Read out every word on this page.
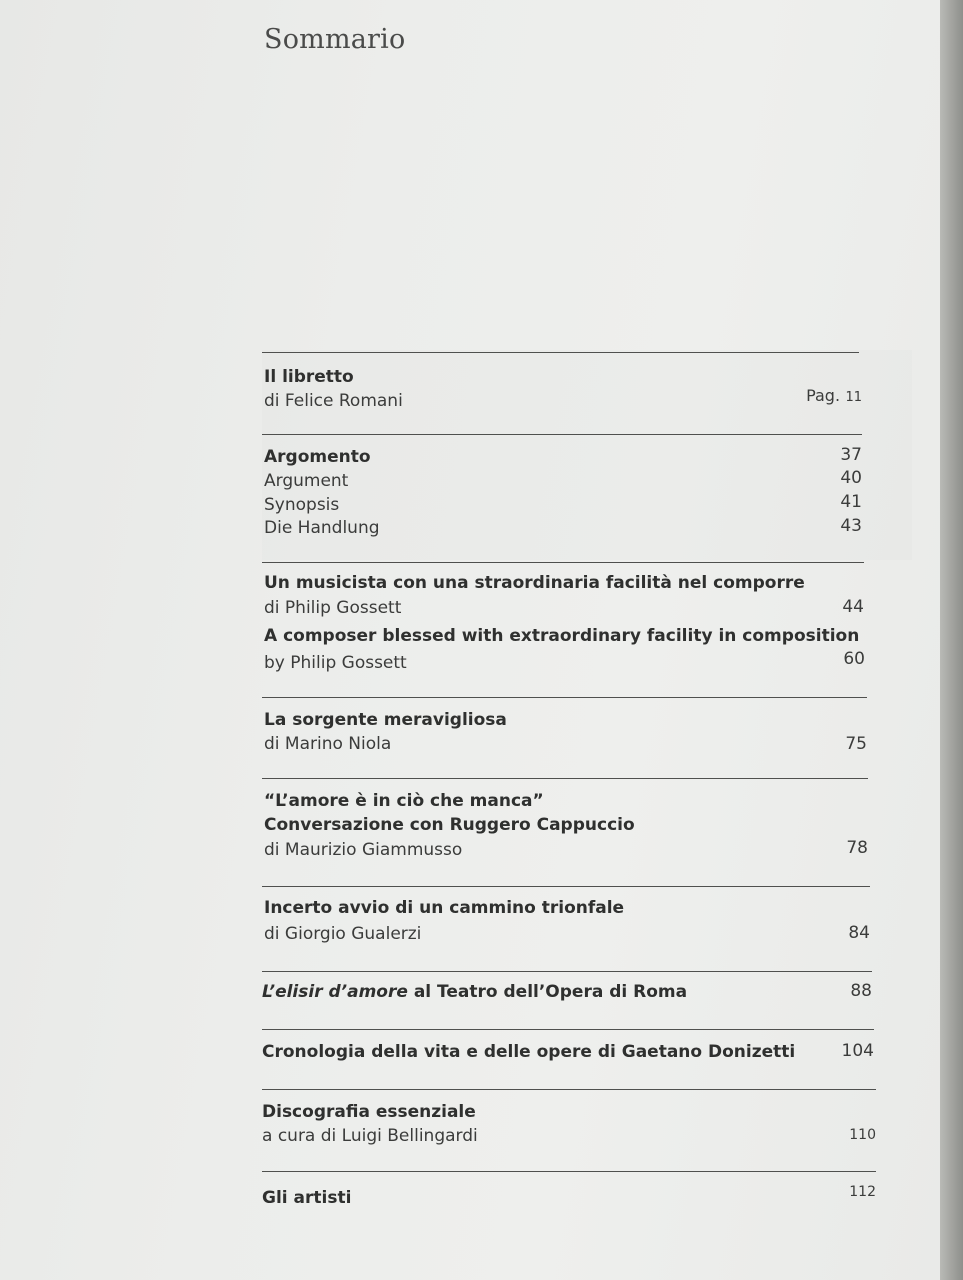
Sommario

Il libretto

di Felice Romani	Pag. 11

Argomento	37

Argument	40

Synopsis	41

Die Handlung	43

Un musicista con una straordinaria facilità nel comporre

di Philip Gossett	44

A composer blessed with extraordinary facility in composition

by Philip Gossett	60

La sorgente meravigliosa

di Marino Niola	75

“L’amore è in ciò che manca”

Conversazione con Ruggero Cappuccio

di Maurizio Giammusso	78

Incerto avvio di un cammino trionfale

di Giorgio Gualerzi	84

L’elisir d’amore al Teatro dell’Opera di Roma	88

Cronologia della vita e delle opere di Gaetano Donizetti	104

Discografia essenziale

a cura di Luigi Bellingardi	110

Gli artisti	112
